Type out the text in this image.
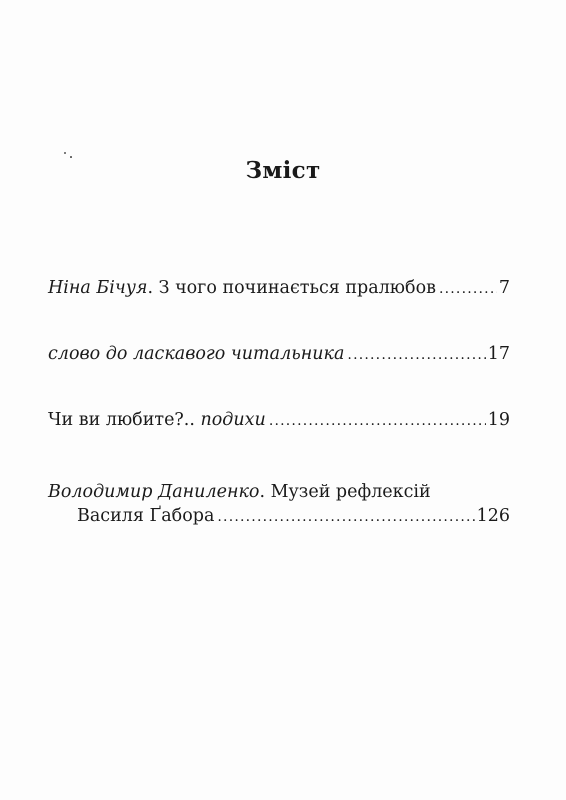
Зміст
Ніна Бічуя . З чого починається пралюбов .....	7
слово до ласкавого читальника .....	17
Чи ви любите?.. подихи .....	19
Володимир Даниленко . Музей рефлексій
Василя Ґабора .....	126
